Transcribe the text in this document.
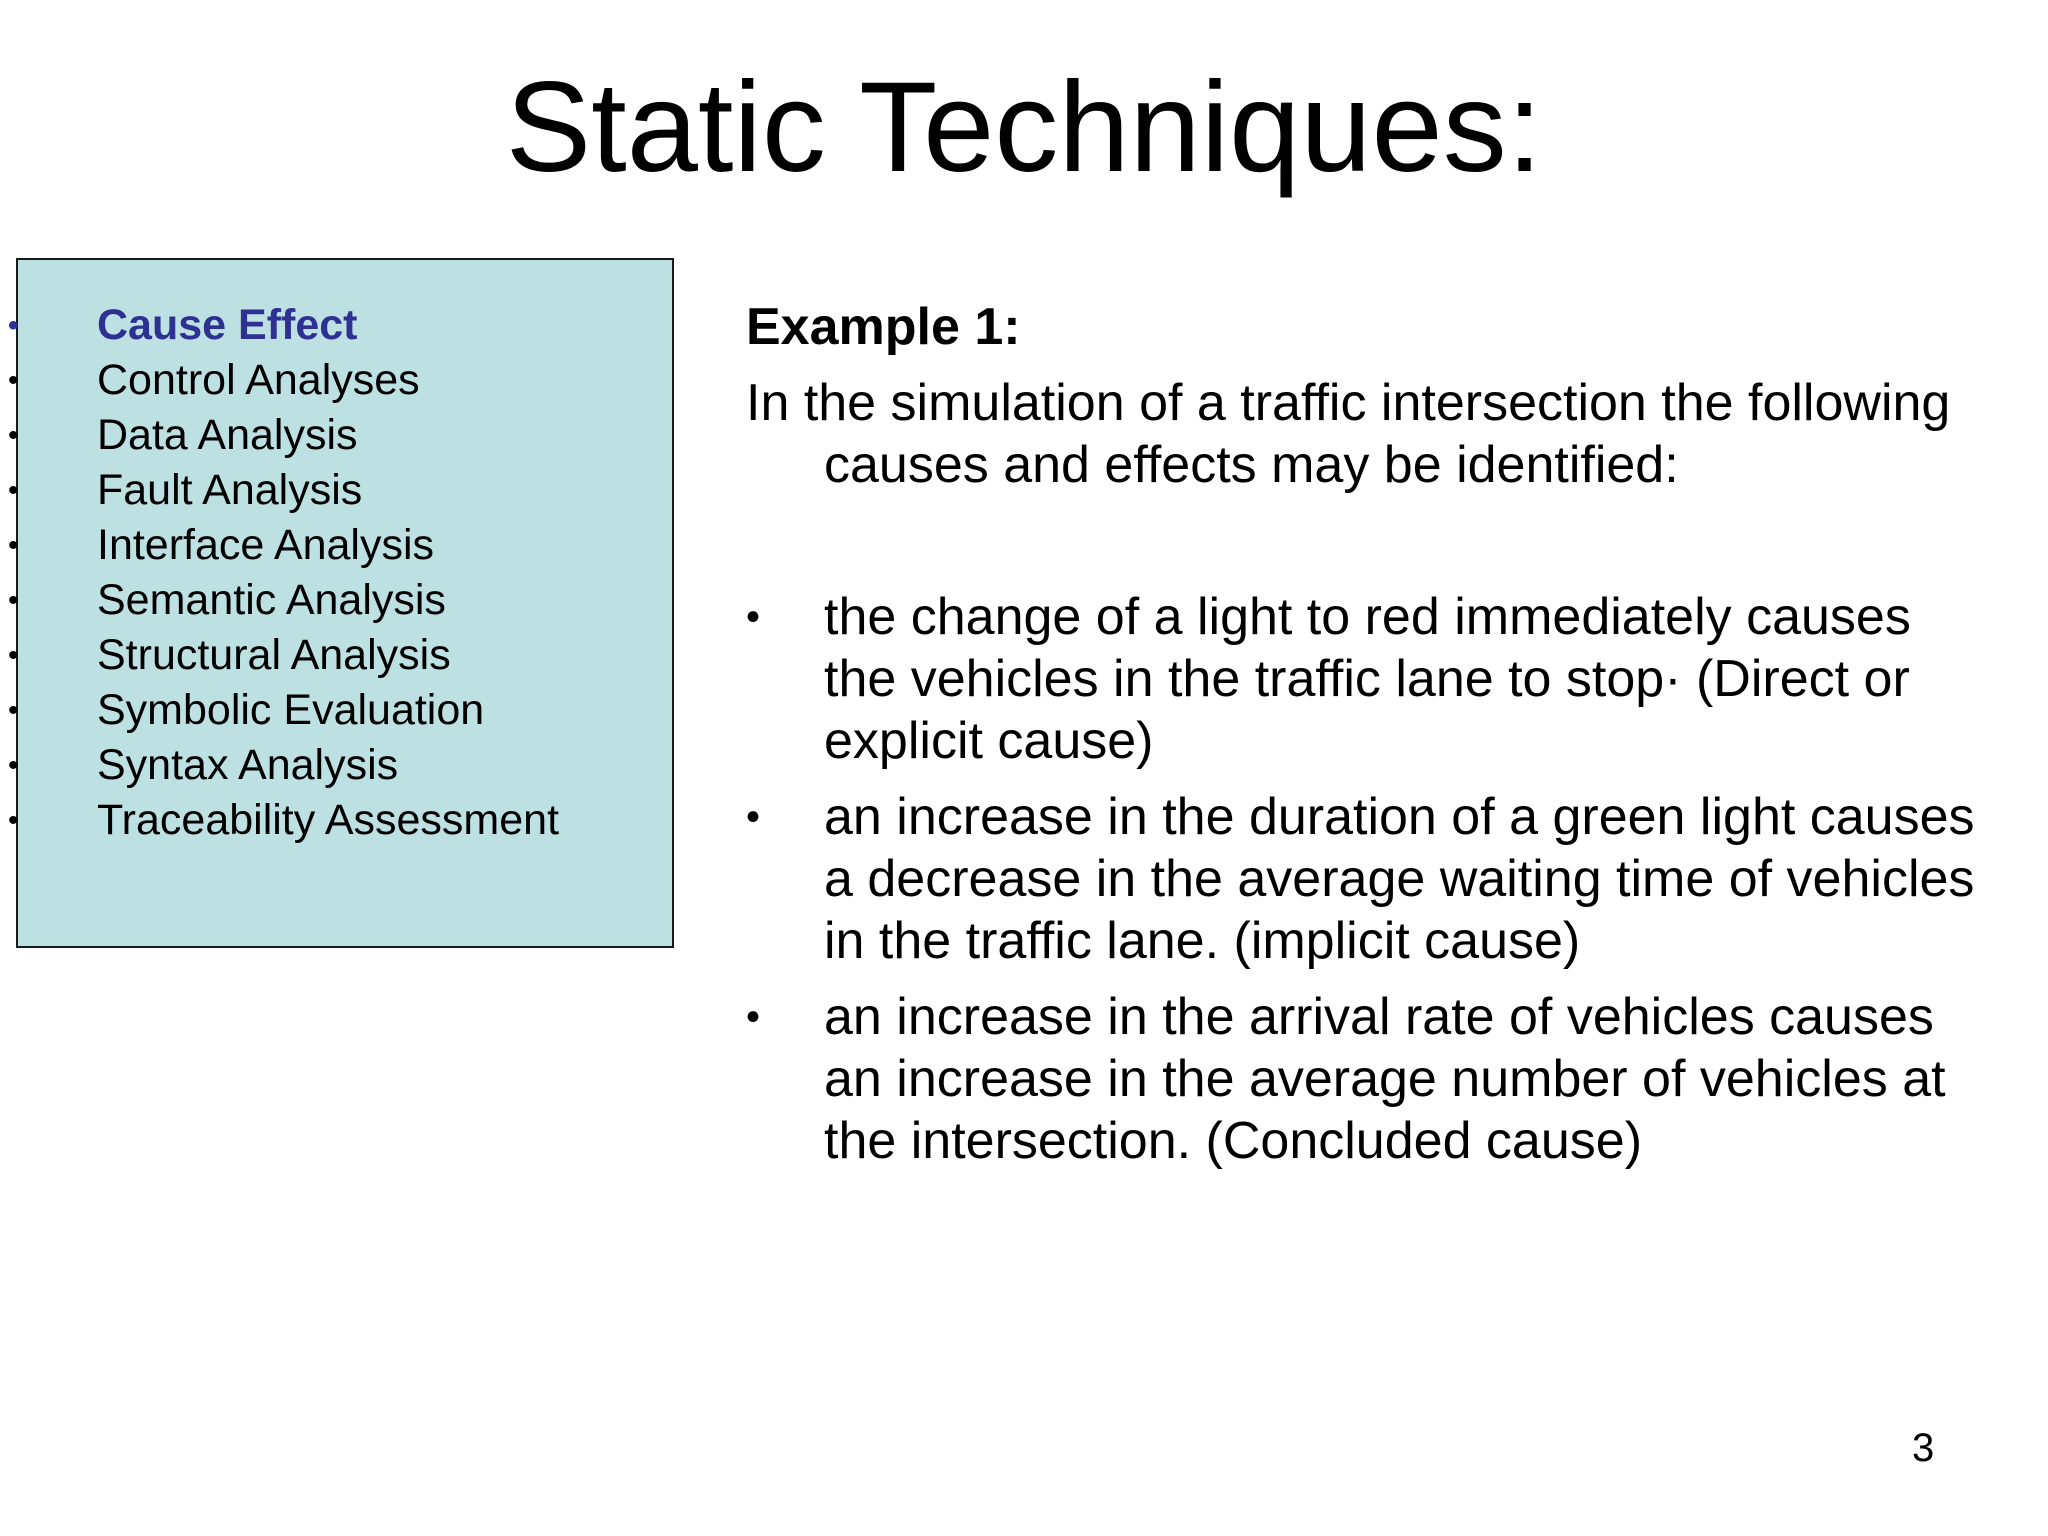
Static Techniques:
• Cause Effect
• Control Analyses
• Data Analysis
• Fault Analysis
• Interface Analysis
• Semantic Analysis
• Structural Analysis
• Symbolic Evaluation
• Syntax Analysis
• Traceability Assessment

Example 1:

In the simulation of a traffic intersection the following causes and effects may be identified:

• the change of a light to red immediately causes the vehicles in the traffic lane to stop· (Direct or explicit cause)
• an increase in the duration of a green light causes a decrease in the average waiting time of vehicles in the traffic lane. (implicit cause)
• an increase in the arrival rate of vehicles causes an increase in the average number of vehicles at the intersection. (Concluded cause)
3
